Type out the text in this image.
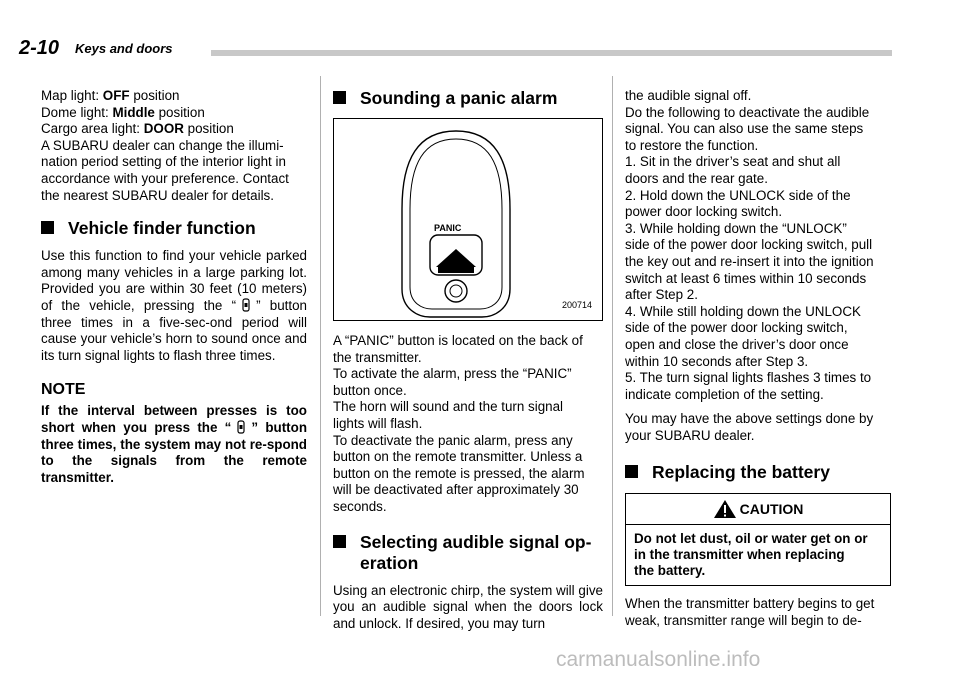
2-10 Keys and doors
Map light: OFF position
Dome light: Middle position
Cargo area light: DOOR position

A SUBARU dealer can change the illumi-
nation period setting of the interior light in
accordance with your preference. Contact
the nearest SUBARU dealer for details.

Vehicle finder function

Use this function to find your vehicle parked among many vehicles in a large parking lot. Provided you are within 30 feet (10 meters) of the vehicle, pressing the “ ” button three times in a five-sec-ond period will cause your vehicle’s horn to sound once and its turn signal lights to flash three times.

NOTE
If the interval between presses is too short when you press the “ ” button three times, the system may not re-spond to the signals from the remote transmitter.
Sounding a panic alarm
PANIC
200714
A “PANIC” button is located on the back of
the transmitter.
To activate the alarm, press the “PANIC”
button once.
The horn will sound and the turn signal
lights will flash.
To deactivate the panic alarm, press any
button on the remote transmitter. Unless a
button on the remote is pressed, the alarm
will be deactivated after approximately 30
seconds.
Selecting audible signal op-
eration

Using an electronic chirp, the system will give you an audible signal when the doors lock and unlock. If desired, you may turn

the audible signal off.
Do the following to deactivate the audible
signal. You can also use the same steps
to restore the function.
1. Sit in the driver’s seat and shut all
doors and the rear gate.
2. Hold down the UNLOCK side of the
power door locking switch.
3. While holding down the “UNLOCK”
side of the power door locking switch, pull
the key out and re-insert it into the ignition
switch at least 6 times within 10 seconds
after Step 2.
4. While still holding down the UNLOCK
side of the power door locking switch,
open and close the driver’s door once
within 10 seconds after Step 3.
5. The turn signal lights flashes 3 times to
indicate completion of the setting.
You may have the above settings done by
your SUBARU dealer.
Replacing the battery
CAUTION
Do not let dust, oil or water get on or
in the transmitter when replacing
the battery.
When the transmitter battery begins to get
weak, transmitter range will begin to de-
carmanualsonline.info
